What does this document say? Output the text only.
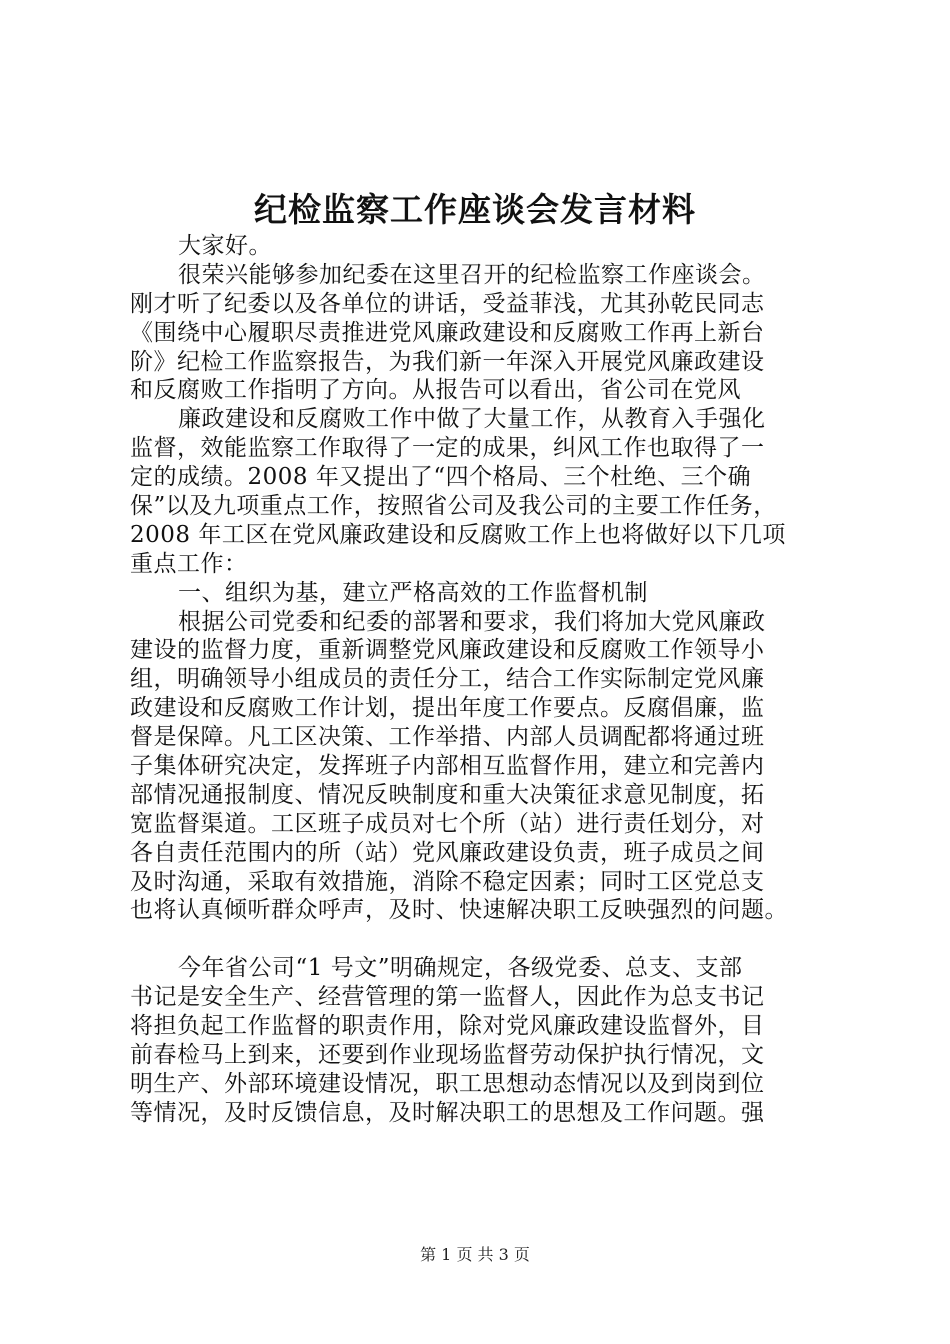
纪检监察工作座谈会发言材料
大家好。
很荣兴能够参加纪委在这里召开的纪检监察工作座谈会。
刚才听了纪委以及各单位的讲话，受益菲浅，尤其孙乾民同志
《围绕中心履职尽责推进党风廉政建设和反腐败工作再上新台
阶》纪检工作监察报告，为我们新一年深入开展党风廉政建设
和反腐败工作指明了方向。从报告可以看出，省公司在党风
廉政建设和反腐败工作中做了大量工作，从教育入手强化
监督，效能监察工作取得了一定的成果，纠风工作也取得了一
定的成绩。2008 年又提出了“四个格局、三个杜绝、三个确
保”以及九项重点工作，按照省公司及我公司的主要工作任务，
2008 年工区在党风廉政建设和反腐败工作上也将做好以下几项
重点工作：
一、组织为基，建立严格高效的工作监督机制
根据公司党委和纪委的部署和要求，我们将加大党风廉政
建设的监督力度，重新调整党风廉政建设和反腐败工作领导小
组，明确领导小组成员的责任分工，结合工作实际制定党风廉
政建设和反腐败工作计划，提出年度工作要点。反腐倡廉，监
督是保障。凡工区决策、工作举措、内部人员调配都将通过班
子集体研究决定，发挥班子内部相互监督作用，建立和完善内
部情况通报制度、情况反映制度和重大决策征求意见制度，拓
宽监督渠道。工区班子成员对七个所（站）进行责任划分，对
各自责任范围内的所（站）党风廉政建设负责，班子成员之间
及时沟通，采取有效措施，消除不稳定因素；同时工区党总支
也将认真倾听群众呼声，及时、快速解决职工反映强烈的问题。
今年省公司“1 号文”明确规定，各级党委、总支、支部
书记是安全生产、经营管理的第一监督人，因此作为总支书记
将担负起工作监督的职责作用，除对党风廉政建设监督外，目
前春检马上到来，还要到作业现场监督劳动保护执行情况，文
明生产、外部环境建设情况，职工思想动态情况以及到岗到位
等情况，及时反馈信息，及时解决职工的思想及工作问题。强
第 1 页 共 3 页
